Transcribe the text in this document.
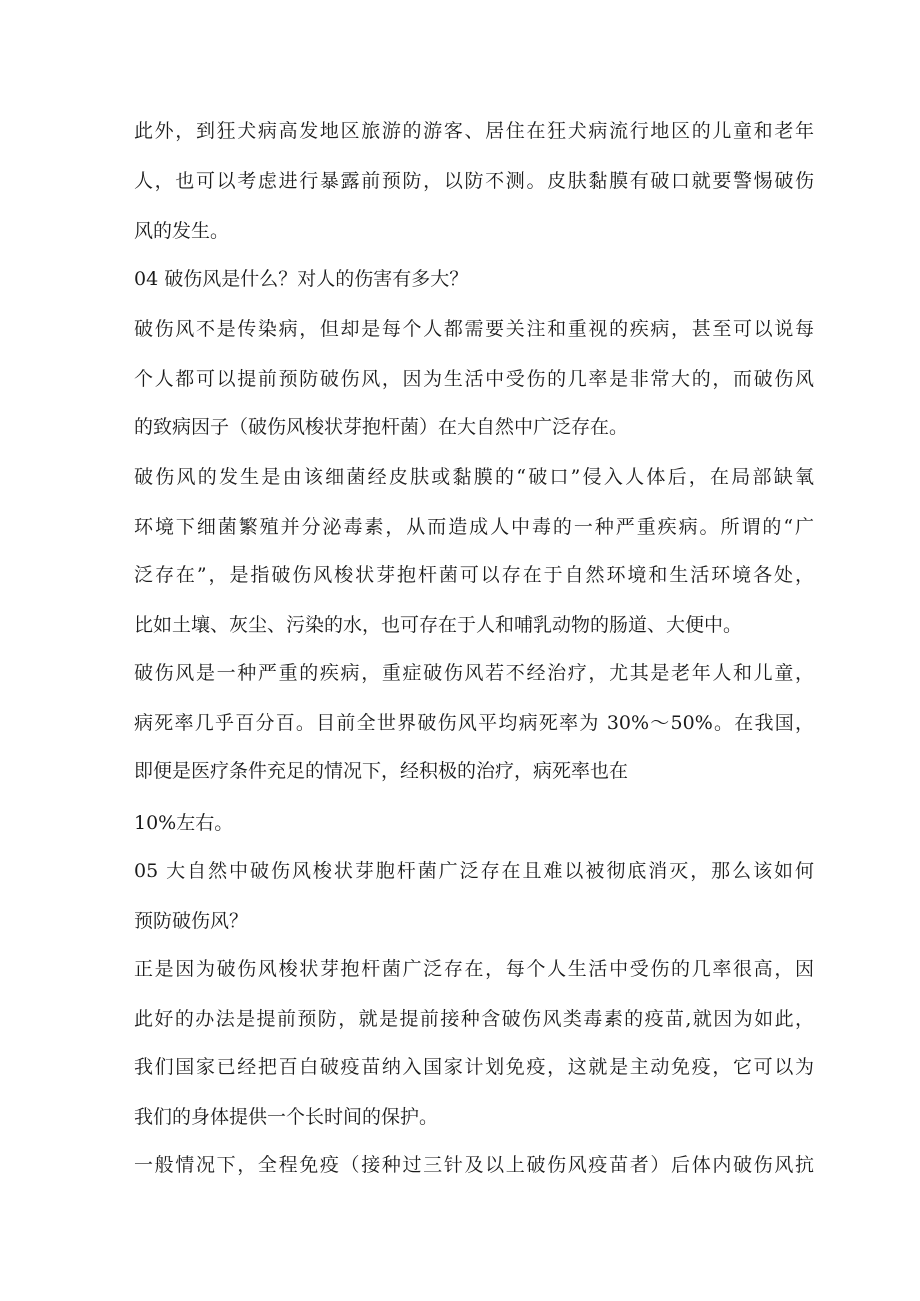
此外，到狂犬病高发地区旅游的游客、居住在狂犬病流行地区的儿童和老年

人，也可以考虑进行暴露前预防，以防不测。皮肤黏膜有破口就要警惕破伤

风的发生。

04 破伤风是什么？对人的伤害有多大？

破伤风不是传染病，但却是每个人都需要关注和重视的疾病，甚至可以说每

个人都可以提前预防破伤风，因为生活中受伤的几率是非常大的，而破伤风

的致病因子（破伤风梭状芽抱杆菌）在大自然中广泛存在。

破伤风的发生是由该细菌经皮肤或黏膜的“破口”侵入人体后，在局部缺氧

环境下细菌繁殖并分泌毒素，从而造成人中毒的一种严重疾病。所谓的“广

泛存在”，是指破伤风梭状芽抱杆菌可以存在于自然环境和生活环境各处，

比如土壤、灰尘、污染的水，也可存在于人和哺乳动物的肠道、大便中。

破伤风是一种严重的疾病，重症破伤风若不经治疗，尤其是老年人和儿童，

病死率几乎百分百。目前全世界破伤风平均病死率为 30%～50%。在我国，

即便是医疗条件充足的情况下，经积极的治疗，病死率也在

10%左右。

05 大自然中破伤风梭状芽胞杆菌广泛存在且难以被彻底消灭，那么该如何

预防破伤风？

正是因为破伤风梭状芽抱杆菌广泛存在，每个人生活中受伤的几率很高，因

此好的办法是提前预防，就是提前接种含破伤风类毒素的疫苗,就因为如此，

我们国家已经把百白破疫苗纳入国家计划免疫，这就是主动免疫，它可以为

我们的身体提供一个长时间的保护。

一般情况下，全程免疫（接种过三针及以上破伤风疫苗者）后体内破伤风抗
